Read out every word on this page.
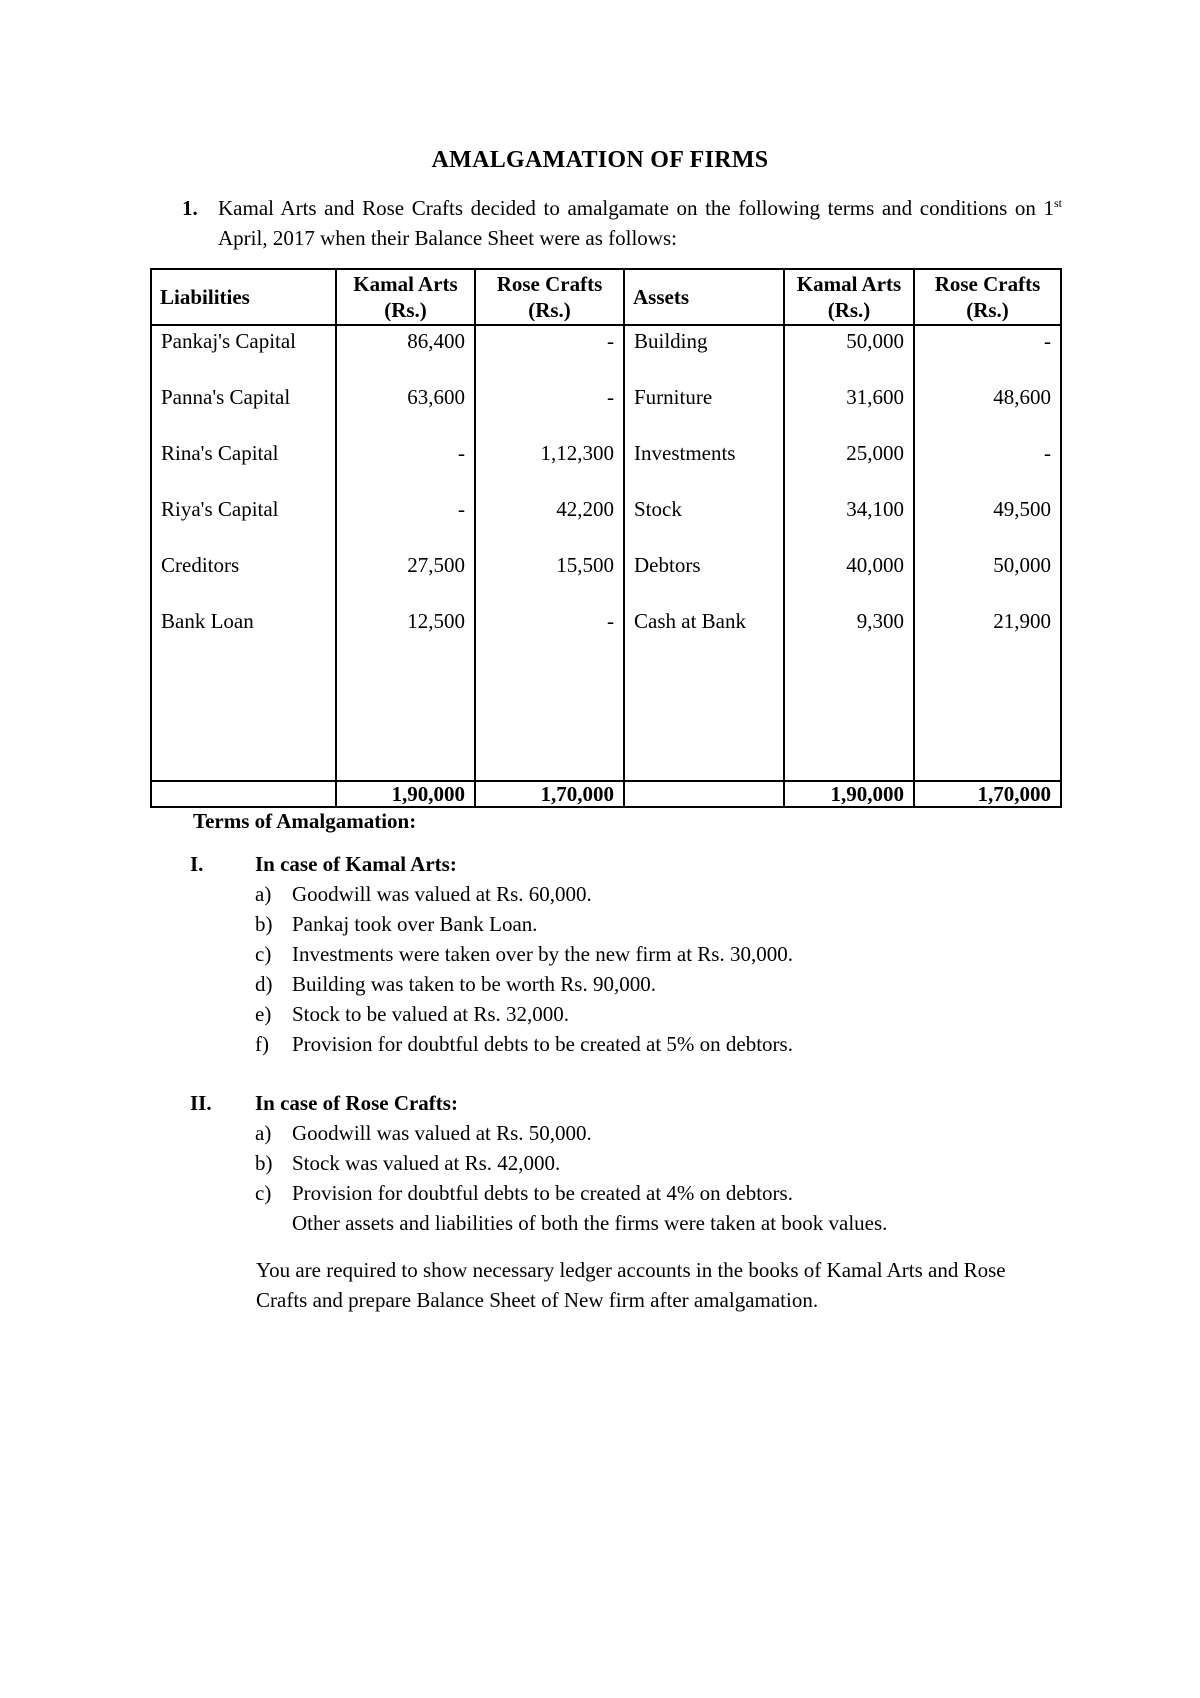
AMALGAMATION OF FIRMS
1. Kamal Arts and Rose Crafts decided to amalgamate on the following terms and conditions on 1st April, 2017 when their Balance Sheet were as follows:
Liabilities	Kamal Arts (Rs.)	Rose Crafts (Rs.)	Assets	Kamal Arts (Rs.)	Rose Crafts (Rs.)
Pankaj's Capital	86,400	-	Building	50,000	-
Panna's Capital	63,600	-	Furniture	31,600	48,600
Rina's Capital	-	1,12,300	Investments	25,000	-
Riya's Capital	-	42,200	Stock	34,100	49,500
Creditors	27,500	15,500	Debtors	40,000	50,000
Bank Loan	12,500	-	Cash at Bank	9,300	21,900

	1,90,000	1,70,000		1,90,000	1,70,000
Terms of Amalgamation:
I. In case of Kamal Arts:
a) Goodwill was valued at Rs. 60,000.
b) Pankaj took over Bank Loan.
c) Investments were taken over by the new firm at Rs. 30,000.
d) Building was taken to be worth Rs. 90,000.
e) Stock to be valued at Rs. 32,000.
f) Provision for doubtful debts to be created at 5% on debtors.
II. In case of Rose Crafts:
a) Goodwill was valued at Rs. 50,000.
b) Stock was valued at Rs. 42,000.
c) Provision for doubtful debts to be created at 4% on debtors.
Other assets and liabilities of both the firms were taken at book values.
You are required to show necessary ledger accounts in the books of Kamal Arts and Rose Crafts and prepare Balance Sheet of New firm after amalgamation.
